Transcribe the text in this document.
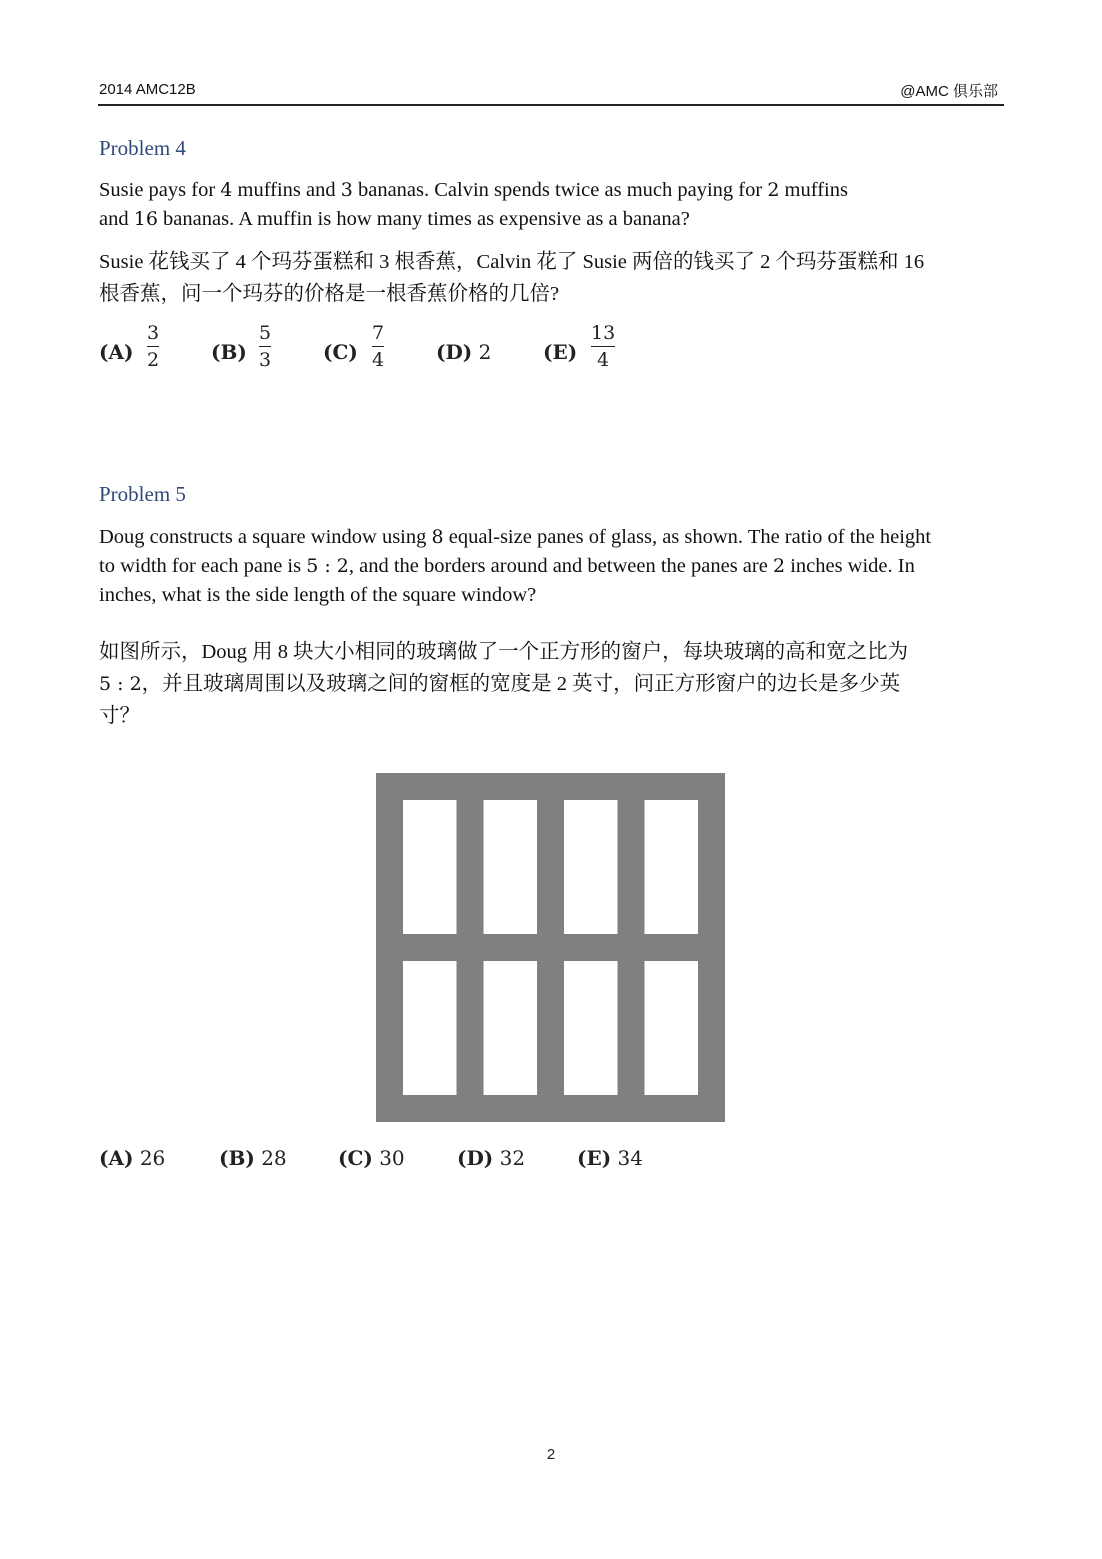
2014 AMC12B	@AMC 俱乐部
Problem 4
Susie pays for 4 muffins and 3 bananas. Calvin spends twice as much paying for 2 muffins
and 16 bananas. A muffin is how many times as expensive as a banana?
Susie 花钱买了 4 个玛芬蛋糕和 3 根香蕉，Calvin 花了 Susie 两倍的钱买了 2 个玛芬蛋糕和 16
根香蕉，问一个玛芬的价格是一根香蕉价格的几倍?
$(A) \frac{3}{2}$	$(B) \frac{5}{3}$	$(C) \frac{7}{4}$	(D) 2	$(E) \frac{13}{4}$
Problem 5
Doug constructs a square window using 8 equal-size panes of glass, as shown. The ratio of the height
to width for each pane is 5 : 2, and the borders around and between the panes are 2 inches wide. In
inches, what is the side length of the square window?
如图所示，Doug 用 8 块大小相同的玻璃做了一个正方形的窗户，每块玻璃的高和宽之比为
5 : 2，并且玻璃周围以及玻璃之间的窗框的宽度是 2 英寸，问正方形窗户的边长是多少英
寸？
(A) 26	(B) 28	(C) 30	(D) 32	(E) 34
2
